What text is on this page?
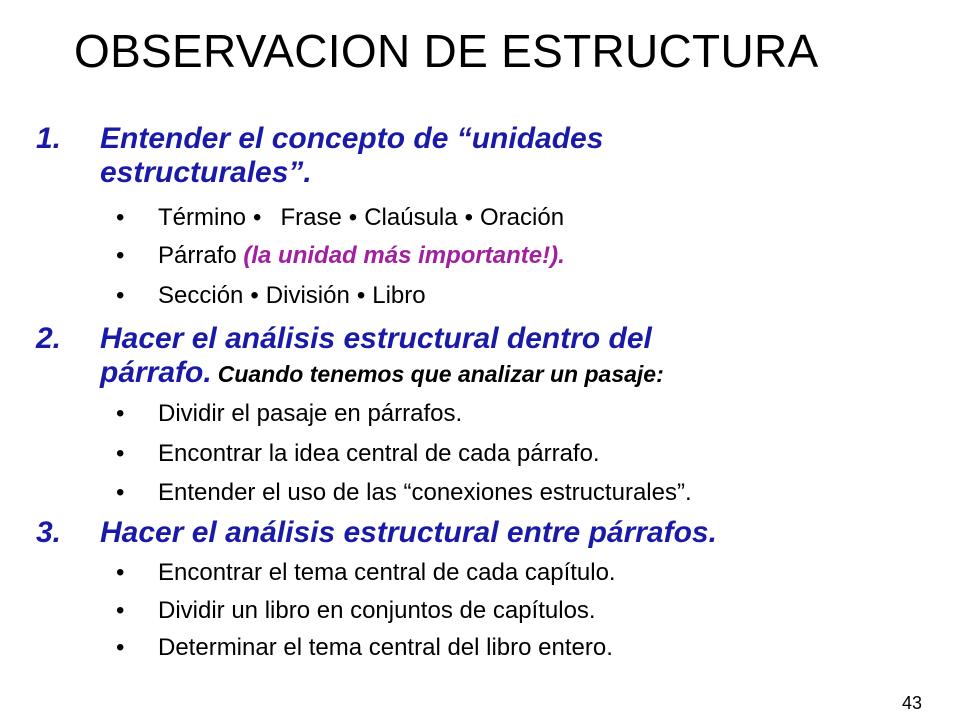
OBSERVACION DE ESTRUCTURA
1. Entender el concepto de “unidades
estructurales”.
• Término • Frase • Claúsula • Oración
• Párrafo (la unidad más importante!).
• Sección • División • Libro
2. Hacer el análisis estructural dentro del
párrafo. Cuando tenemos que analizar un pasaje:
• Dividir el pasaje en párrafos.
• Encontrar la idea central de cada párrafo.
• Entender el uso de las “conexiones estructurales”.
3. Hacer el análisis estructural entre párrafos.
• Encontrar el tema central de cada capítulo.
• Dividir un libro en conjuntos de capítulos.
• Determinar el tema central del libro entero.
43
